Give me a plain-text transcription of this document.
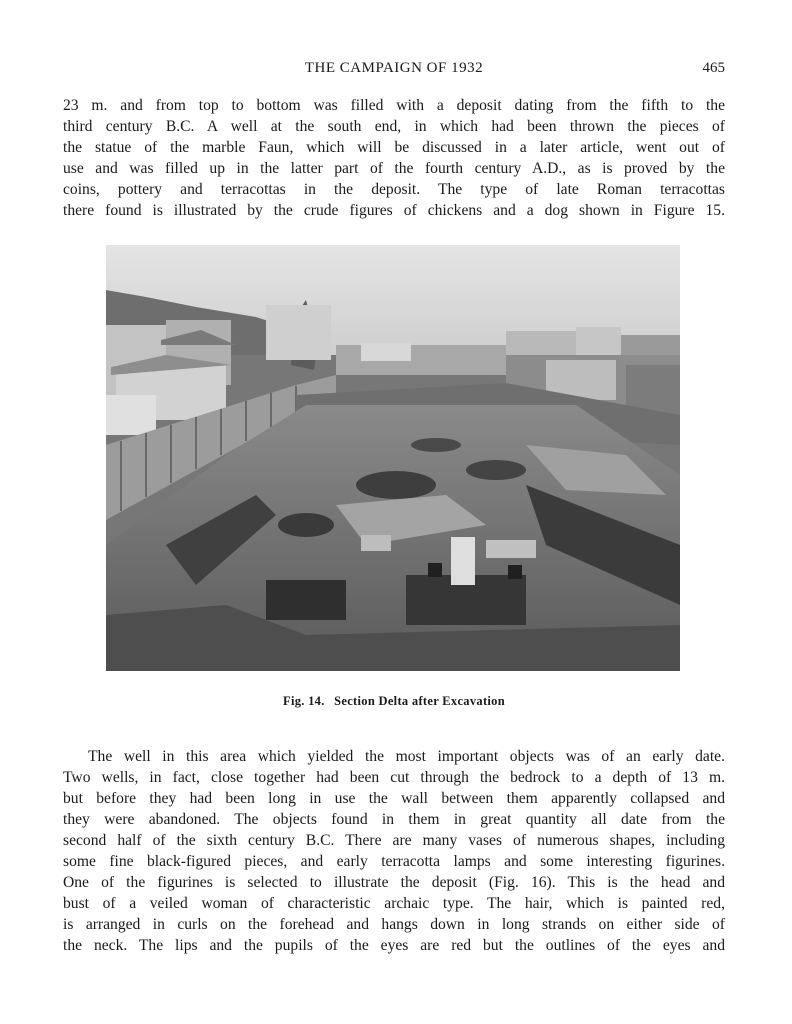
THE CAMPAIGN OF 1932	465

23 m. and from top to bottom was filled with a deposit dating from the fifth to the
third century B.C. A well at the south end, in which had been thrown the pieces of
the statue of the marble Faun, which will be discussed in a later article, went out of
use and was filled up in the latter part of the fourth century A.D., as is proved by the
coins, pottery and terracottas in the deposit. The type of late Roman terracottas
there found is illustrated by the crude figures of chickens and a dog shown in Figure 15.

Fig. 14. Section Delta after Excavation

The well in this area which yielded the most important objects was of an early date.
Two wells, in fact, close together had been cut through the bedrock to a depth of 13 m.
but before they had been long in use the wall between them apparently collapsed and
they were abandoned. The objects found in them in great quantity all date from the
second half of the sixth century B.C. There are many vases of numerous shapes, including
some fine black-figured pieces, and early terracotta lamps and some interesting figurines.
One of the figurines is selected to illustrate the deposit (Fig. 16). This is the head and
bust of a veiled woman of characteristic archaic type. The hair, which is painted red,
is arranged in curls on the forehead and hangs down in long strands on either side of
the neck. The lips and the pupils of the eyes are red but the outlines of the eyes and
